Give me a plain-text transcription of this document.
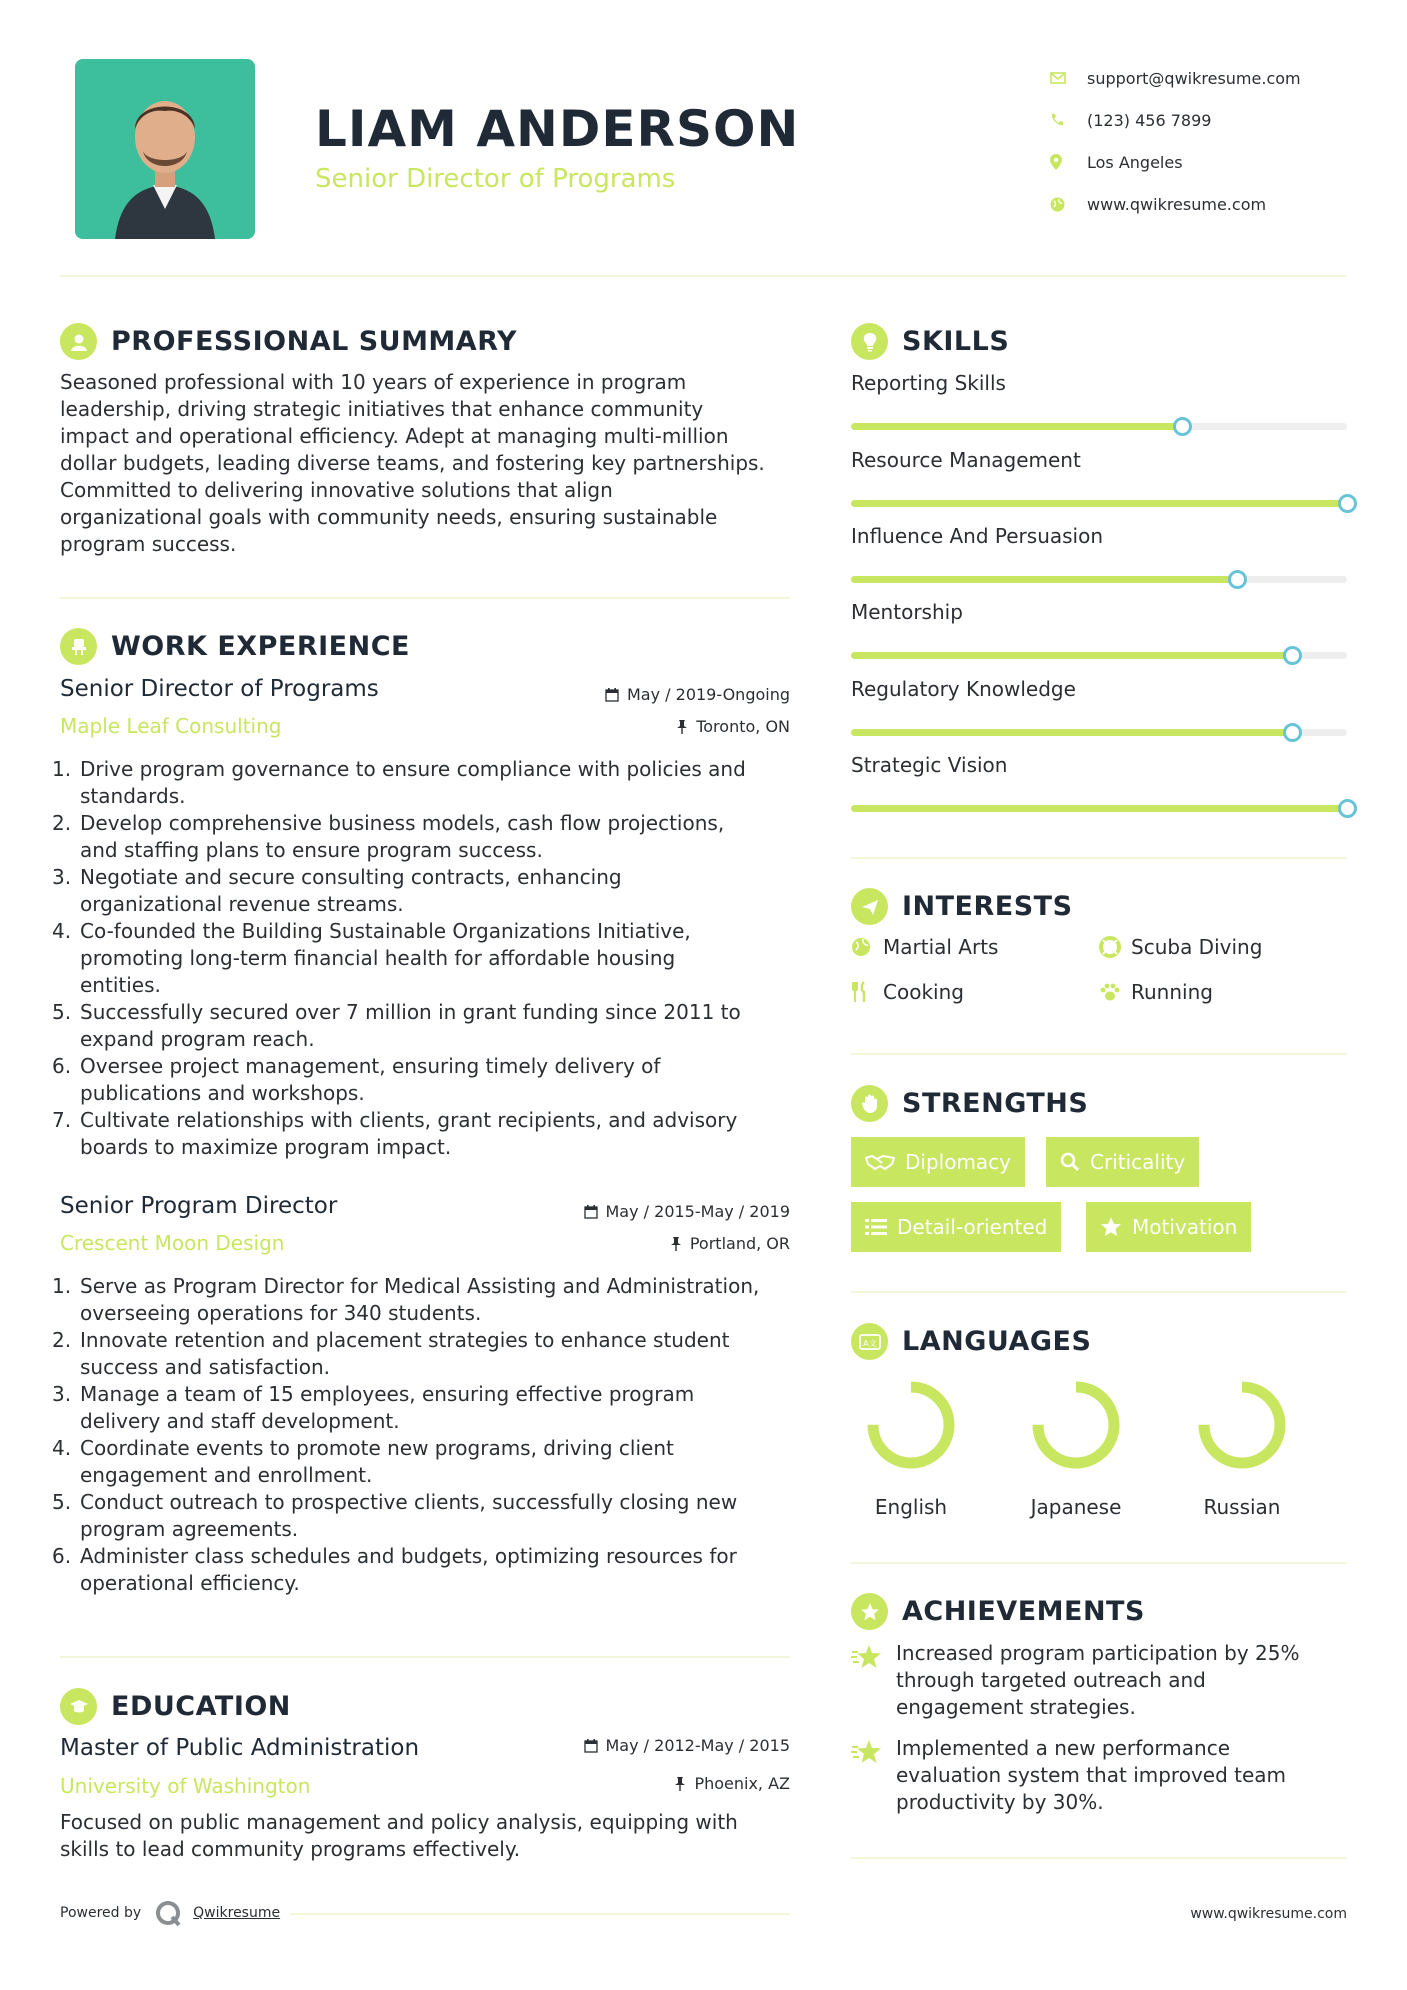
LIAM ANDERSON
Senior Director of Programs
support@qwikresume.com
(123) 456 7899
Los Angeles
www.qwikresume.com
PROFESSIONAL SUMMARY
Seasoned professional with 10 years of experience in program
leadership, driving strategic initiatives that enhance community
impact and operational efficiency. Adept at managing multi-million
dollar budgets, leading diverse teams, and fostering key partnerships.
Committed to delivering innovative solutions that align
organizational goals with community needs, ensuring sustainable
program success.
WORK EXPERIENCE
Senior Director of Programs
Maple Leaf Consulting
May / 2019-Ongoing
Toronto, ON
1. Drive program governance to ensure compliance with policies and
standards.
2. Develop comprehensive business models, cash flow projections,
and staffing plans to ensure program success.
3. Negotiate and secure consulting contracts, enhancing
organizational revenue streams.
4. Co-founded the Building Sustainable Organizations Initiative,
promoting long-term financial health for affordable housing
entities.
5. Successfully secured over 7 million in grant funding since 2011 to
expand program reach.
6. Oversee project management, ensuring timely delivery of
publications and workshops.
7. Cultivate relationships with clients, grant recipients, and advisory
boards to maximize program impact.
Senior Program Director
Crescent Moon Design
May / 2015-May / 2019
Portland, OR
1. Serve as Program Director for Medical Assisting and Administration,
overseeing operations for 340 students.
2. Innovate retention and placement strategies to enhance student
success and satisfaction.
3. Manage a team of 15 employees, ensuring effective program
delivery and staff development.
4. Coordinate events to promote new programs, driving client
engagement and enrollment.
5. Conduct outreach to prospective clients, successfully closing new
program agreements.
6. Administer class schedules and budgets, optimizing resources for
operational efficiency.
EDUCATION
Master of Public Administration
University of Washington
May / 2012-May / 2015
Phoenix, AZ
Focused on public management and policy analysis, equipping with
skills to lead community programs effectively.
SKILLS
Reporting Skills
Resource Management
Influence And Persuasion
Mentorship
Regulatory Knowledge
Strategic Vision
INTERESTS
Martial Arts	Scuba Diving
Cooking	Running
STRENGTHS
Diplomacy	Criticality
Detail-oriented	Motivation
A文 LANGUAGES
English	Japanese	Russian
ACHIEVEMENTS
Increased program participation by 25%
through targeted outreach and
engagement strategies.
Implemented a new performance
evaluation system that improved team
productivity by 30%.
Powered by	Qwikresume	www.qwikresume.com
